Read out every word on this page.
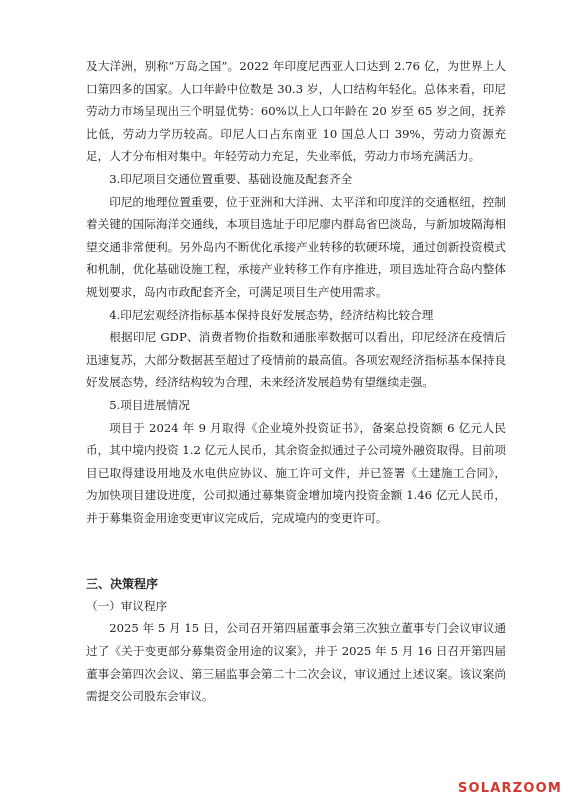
及大洋洲，别称“万岛之国”。2022 年印度尼西亚人口达到 2.76 亿，为世界上人口第四多的国家。人口年龄中位数是 30.3 岁，人口结构年轻化。总体来看，印尼劳动力市场呈现出三个明显优势：60%以上人口年龄在 20 岁至 65 岁之间，抚养比低，劳动力学历较高。印尼人口占东南亚 10 国总人口 39%，劳动力资源充足，人才分布相对集中。年轻劳动力充足，失业率低，劳动力市场充满活力。

3.印尼项目交通位置重要、基础设施及配套齐全

印尼的地理位置重要，位于亚洲和大洋洲、太平洋和印度洋的交通枢纽，控制着关键的国际海洋交通线，本项目选址于印尼廖内群岛省巴淡岛，与新加坡隔海相望交通非常便利。另外岛内不断优化承接产业转移的软硬环境，通过创新投资模式和机制，优化基础设施工程，承接产业转移工作有序推进，项目选址符合岛内整体规划要求，岛内市政配套齐全，可满足项目生产使用需求。

4.印尼宏观经济指标基本保持良好发展态势，经济结构比较合理

根据印尼 GDP、消费者物价指数和通胀率数据可以看出，印尼经济在疫情后迅速复苏，大部分数据甚至超过了疫情前的最高值。各项宏观经济指标基本保持良好发展态势，经济结构较为合理，未来经济发展趋势有望继续走强。

5.项目进展情况

项目于 2024 年 9 月取得《企业境外投资证书》，备案总投资额 6 亿元人民币，其中境内投资 1.2 亿元人民币，其余资金拟通过子公司境外融资取得。目前项目已取得建设用地及水电供应协议、施工许可文件，并已签署《土建施工合同》，为加快项目建设进度，公司拟通过募集资金增加境内投资金额 1.46 亿元人民币，并于募集资金用途变更审议完成后，完成境内的变更许可。

三、决策程序

（一）审议程序

2025 年 5 月 15 日，公司召开第四届董事会第三次独立董事专门会议审议通过了《关于变更部分募集资金用途的议案》，并于 2025 年 5 月 16 日召开第四届董事会第四次会议、第三届监事会第二十二次会议，审议通过上述议案。该议案尚需提交公司股东会审议。

SOLARZOOM
